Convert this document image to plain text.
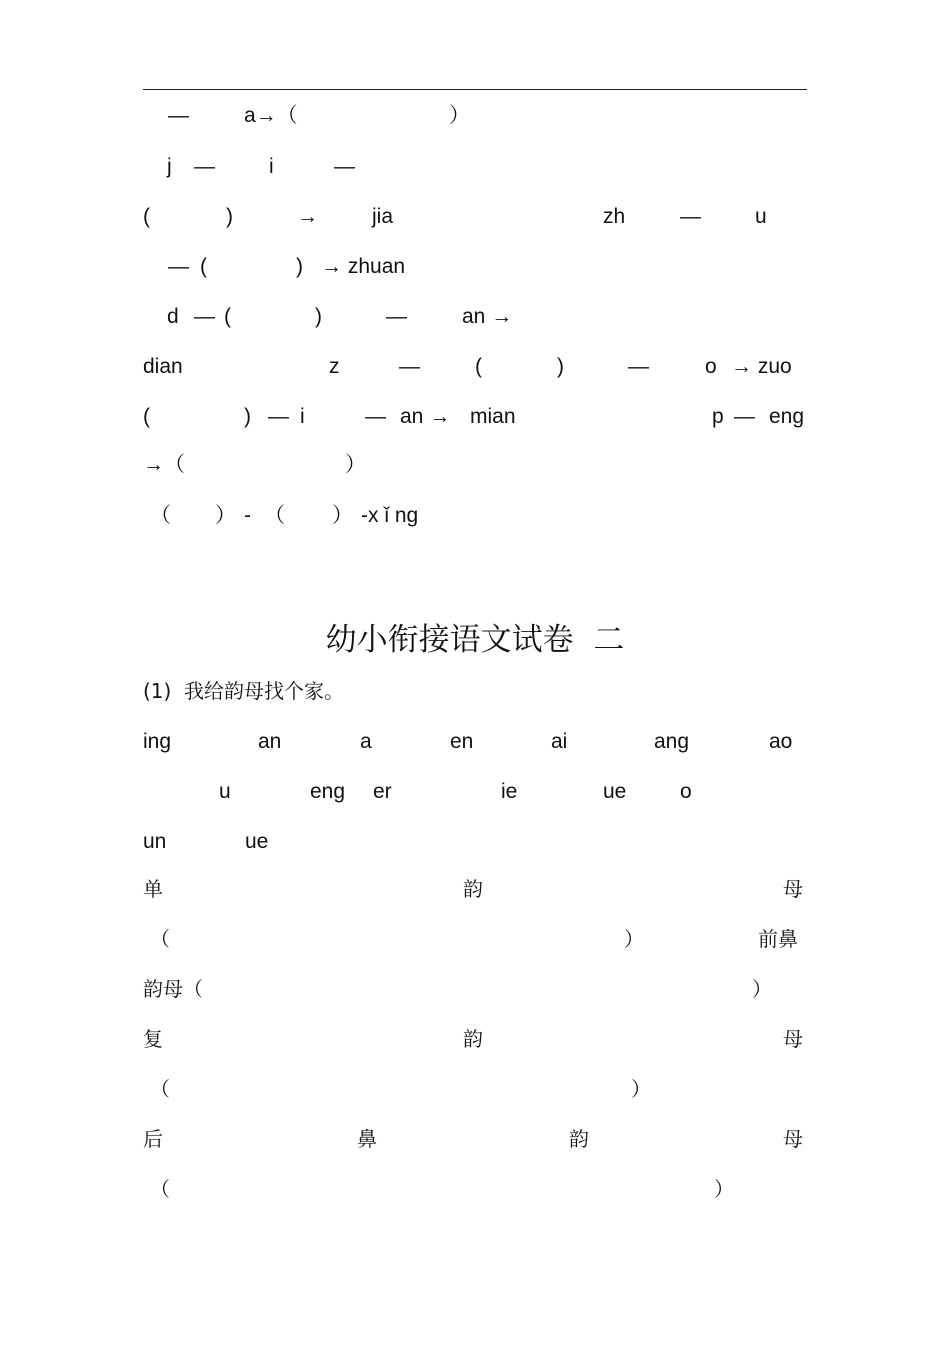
—	a→（	）
j —	i	—
(	)	→	jia	zh	—	u
— (	) → zhuan
d — (	)	—	an →
dian	z	—	(	)	—	o → zuo
(	) — i	— an → mian	p — eng
→（	）
（ ） - （ ） -x ǐ ng
幼小衔接语文试卷  二
(1)  我给韵母找个家。
ing	an	a	en	ai	ang	ao
u	eng er	ie	ue	o
un	ue
单	韵	母
（	）	前鼻
韵母（	）
复	韵	母
（	）
后	鼻	韵	母
（	）
